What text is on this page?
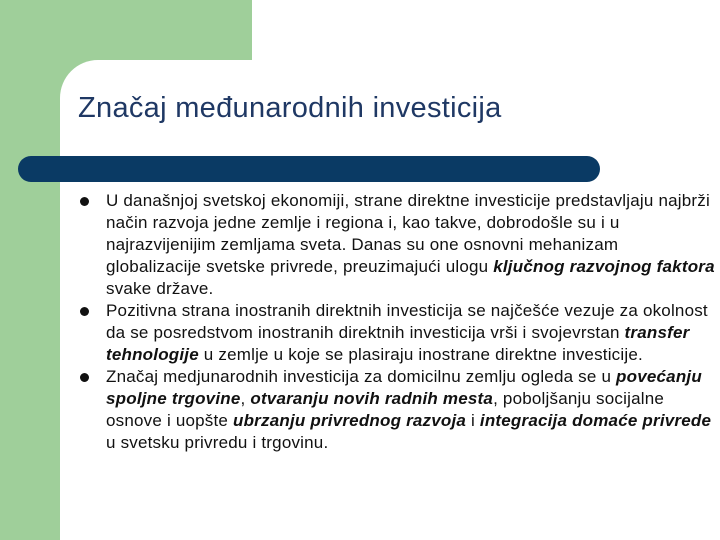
Značaj međunarodnih investicija
U današnjoj svetskoj ekonomiji, strane direktne investicije predstavljaju najbrži način razvoja jedne zemlje i regiona i, kao takve, dobrodošle su i u najrazvijenijim zemljama sveta. Danas su one osnovni mehanizam globalizacije svetske privrede, preuzimajući ulogu ključnog razvojnog faktora svake države.
Pozitivna strana inostranih direktnih investicija se najčešće vezuje za okolnost da se posredstvom inostranih direktnih investicija vrši i svojevrstan transfer tehnologije u zemlje u koje se plasiraju inostrane direktne investicije.
Značaj medjunarodnih investicija za domicilnu zemlju ogleda se u povećanju spoljne trgovine, otvaranju novih radnih mesta, poboljšanju socijalne osnove i uopšte ubrzanju privrednog razvoja i integracija domaće privrede u svetsku privredu i trgovinu.
